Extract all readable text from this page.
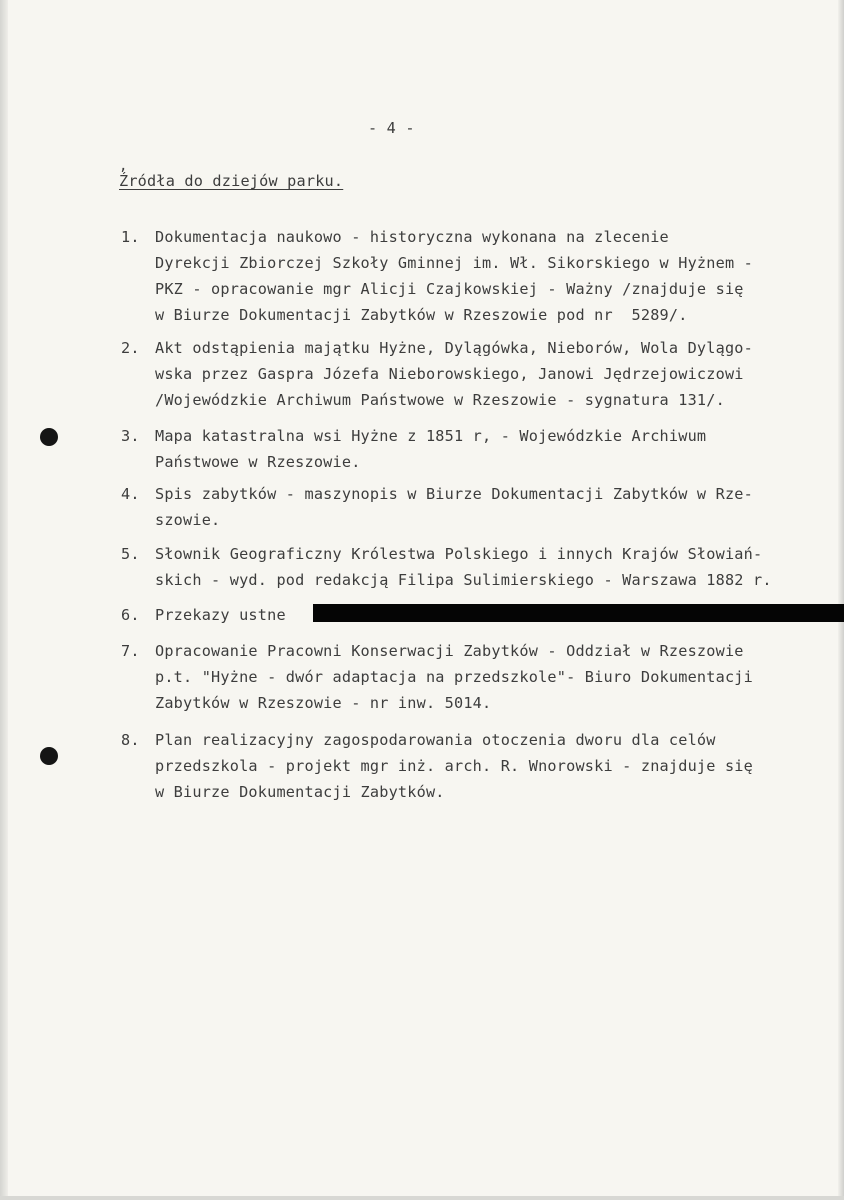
- 4 -
,
Źródła do dziejów parku.
1. Dokumentacja naukowo - historyczna wykonana na zlecenie
Dyrekcji Zbiorczej Szkoły Gminnej im. Wł. Sikorskiego w Hyżnem -
PKZ - opracowanie mgr Alicji Czajkowskiej - Ważny /znajduje się
w Biurze Dokumentacji Zabytków w Rzeszowie pod nr  5289/.
2. Akt odstąpienia majątku Hyżne, Dylągówka, Nieborów, Wola Dylągo-
wska przez Gaspra Józefa Nieborowskiego, Janowi Jędrzejowiczowi
/Wojewódzkie Archiwum Państwowe w Rzeszowie - sygnatura 131/.
3. Mapa katastralna wsi Hyżne z 1851 r, - Wojewódzkie Archiwum
Państwowe w Rzeszowie.
4. Spis zabytków - maszynopis w Biurze Dokumentacji Zabytków w Rze-
szowie.
5. Słownik Geograficzny Królestwa Polskiego i innych Krajów Słowiań-
skich - wyd. pod redakcją Filipa Sulimierskiego - Warszawa 1882 r.
6. Przekazy ustne
7. Opracowanie Pracowni Konserwacji Zabytków - Oddział w Rzeszowie
p.t. "Hyżne - dwór adaptacja na przedszkole"- Biuro Dokumentacji
Zabytków w Rzeszowie - nr inw. 5014.
8. Plan realizacyjny zagospodarowania otoczenia dworu dla celów
przedszkola - projekt mgr inż. arch. R. Wnorowski - znajduje się
w Biurze Dokumentacji Zabytków.
